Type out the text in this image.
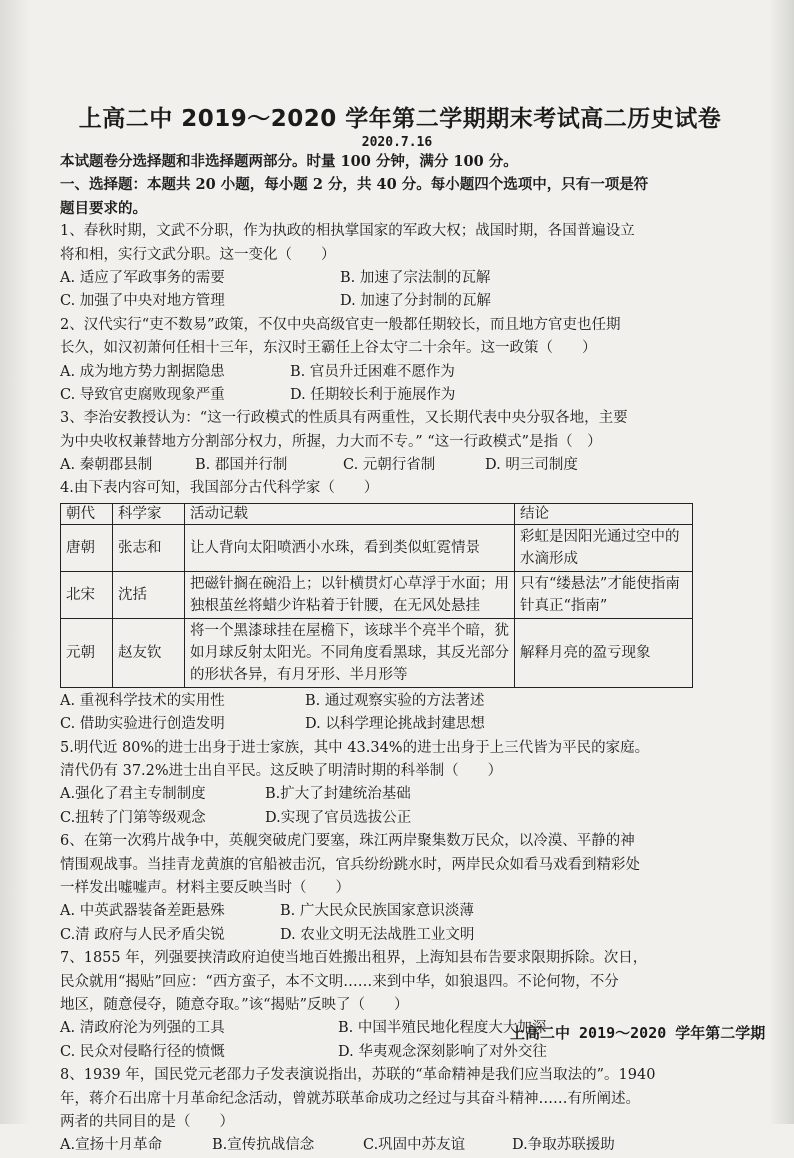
上高二中 2019～2020 学年第二学期期末考试高二历史试卷
2020.7.16
本试题卷分选择题和非选择题两部分。时量 100 分钟，满分 100 分。
一、选择题：本题共 20 小题，每小题 2 分，共 40 分。每小题四个选项中，只有一项是符
题目要求的。
1、春秋时期，文武不分职，作为执政的相执掌国家的军政大权；战国时期，各国普遍设立
将和相，实行文武分职。这一变化（　　）
A. 适应了军政事务的需要	B. 加速了宗法制的瓦解
C. 加强了中央对地方管理	D. 加速了分封制的瓦解
2、汉代实行“吏不数易”政策，不仅中央高级官吏一般都任期较长，而且地方官吏也任期
长久，如汉初萧何任相十三年，东汉时王霸任上谷太守二十余年。这一政策（　　）
A. 成为地方势力割据隐患	B. 官员升迁困难不愿作为
C. 导致官吏腐败现象严重	D. 任期较长利于施展作为
3、李治安教授认为：“这一行政模式的性质具有两重性，又长期代表中央分驭各地，主要
为中央收权兼替地方分割部分权力，所握，力大而不专。” “这一行政模式”是指（　）
A. 秦朝郡县制	B. 郡国并行制	C. 元朝行省制	D. 明三司制度
4.由下表内容可知，我国部分古代科学家（　　）
朝代	科学家	活动记载	结论
唐朝	张志和	让人背向太阳喷洒小水珠，看到类似虹霓情景	彩虹是因阳光通过空中的水滴形成
北宋	沈括	把磁针搁在碗沿上；以针横贯灯心草浮于水面；用独根茧丝将蜡少许粘着于针腰，在无风处悬挂	只有“缕悬法”才能使指南针真正“指南”
元朝	赵友钦	将一个黑漆球挂在屋檐下，该球半个亮半个暗，犹如月球反射太阳光。不同角度看黑球，其反光部分的形状各异，有月牙形、半月形等	解释月亮的盈亏现象
A. 重视科学技术的实用性	B. 通过观察实验的方法著述
C. 借助实验进行创造发明	D. 以科学理论挑战封建思想
5.明代近 80%的进士出身于进士家族，其中 43.34%的进士出身于上三代皆为平民的家庭。
清代仍有 37.2%进士出自平民。这反映了明清时期的科举制（　　）
A.强化了君主专制制度	B.扩大了封建统治基础
C.扭转了门第等级观念	D.实现了官员选拔公正
6、在第一次鸦片战争中，英舰突破虎门要塞，珠江两岸聚集数万民众，以冷漠、平静的神
情围观战事。当挂青龙黄旗的官船被击沉，官兵纷纷跳水时，两岸民众如看马戏看到精彩处
一样发出嘘嘘声。材料主要反映当时（　　）
A. 中英武器装备差距悬殊	B. 广大民众民族国家意识淡薄
C.清 政府与人民矛盾尖锐	D. 农业文明无法战胜工业文明
7、1855 年，列强要挟清政府迫使当地百姓搬出租界，上海知县布告要求限期拆除。次日，
民众就用“揭贴”回应：“西方蛮子，本不文明……来到中华，如狼退四。不论何物，不分
地区，随意侵夺，随意夺取。”该“揭贴”反映了（　　）
A. 清政府沦为列强的工具	B. 中国半殖民地化程度大大加深
C. 民众对侵略行径的愤慨	D. 华夷观念深刻影响了对外交往
8、1939 年，国民党元老邵力子发表演说指出，苏联的“革命精神是我们应当取法的”。1940
年，蒋介石出席十月革命纪念活动，曾就苏联革命成功之经过与其奋斗精神……有所阐述。
两者的共同目的是（　　）
A.宣扬十月革命	B.宣传抗战信念	C.巩固中苏友谊	D.争取苏联援助
上高二中 2019～2020 学年第二学期
